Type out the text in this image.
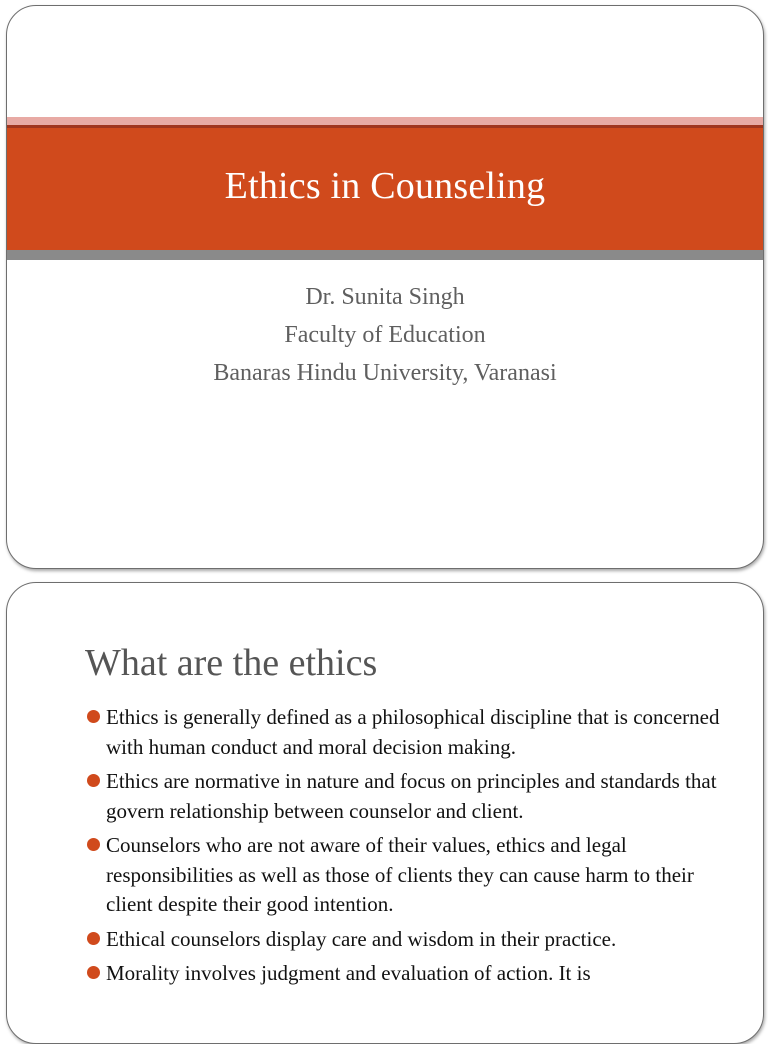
Ethics in Counseling
Dr. Sunita Singh
Faculty of Education
Banaras Hindu University, Varanasi
What are the ethics
Ethics is generally defined as a philosophical discipline that is concerned with human conduct and moral decision making.
Ethics are normative in nature and focus on principles and standards that govern relationship between counselor and client.
Counselors who are not aware of their values, ethics and legal responsibilities as well as those of clients they can cause harm to their client despite their good intention.
Ethical counselors display care and wisdom in their practice.
Morality involves judgment and evaluation of action. It is
